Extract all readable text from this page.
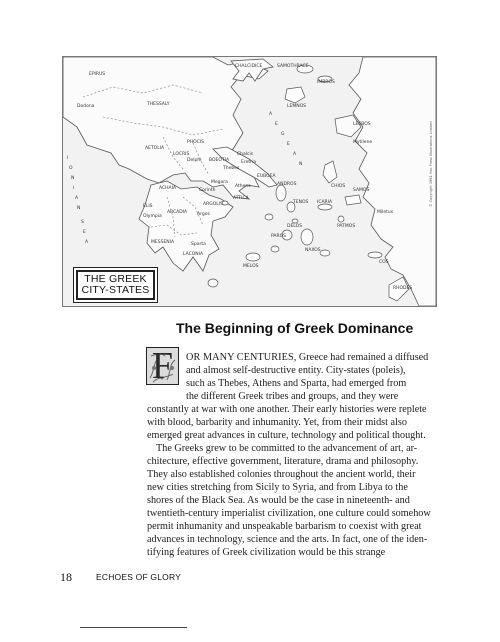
CHALCIDICE	SAMOTHRACE
IMBROS
LEMNOS
EPIRUS
Dodona	THESSALY
LESBOS
Mytilene
AETOLIA
PHOCIS
LOCRIS
BOEOTIA
Delphi
Chalcis
Eretria
Thebes
EUBOEA
Corinth
Megara
Athens
ATTICA
ACHAIA
ELIS
Olympia
ARCADIA Argos
ARGOLIS
CHIOS
SAMOS
Miletus
ANDROS
TENOS ICARIA
PATMOS
DELOS
PAROS
NAXOS
MESSENIA	Sparta
LACONIA
MELOS
COS
RHODES
I
O
N
I
A
N
S
E
A
A
E
G
E
A
N	© Copyright 1991 Hoc Press Illustrations Limited
THE GREEK
CITY-STATES
The Beginning of Greek Dominance
F	OR MANY CENTURIES, Greece had remained a diffused
and almost self-destructive entity. City-states (poleis),
such as Thebes, Athens and Sparta, had emerged from
the different Greek tribes and groups, and they were
constantly at war with one another. Their early histories were replete
with blood, barbarity and inhumanity. Yet, from their midst also
emerged great advances in culture, technology and political thought.
The Greeks grew to be committed to the advancement of art, ar-
chitecture, effective government, literature, drama and philosophy.
They also established colonies throughout the ancient world, their
new cities stretching from Sicily to Syria, and from Libya to the
shores of the Black Sea. As would be the case in nineteenth- and
twentieth-century imperialist civilization, one culture could somehow
permit inhumanity and unspeakable barbarism to coexist with great
advances in technology, science and the arts. In fact, one of the iden-
tifying features of Greek civilization would be this strange
18	ECHOES OF GLORY
